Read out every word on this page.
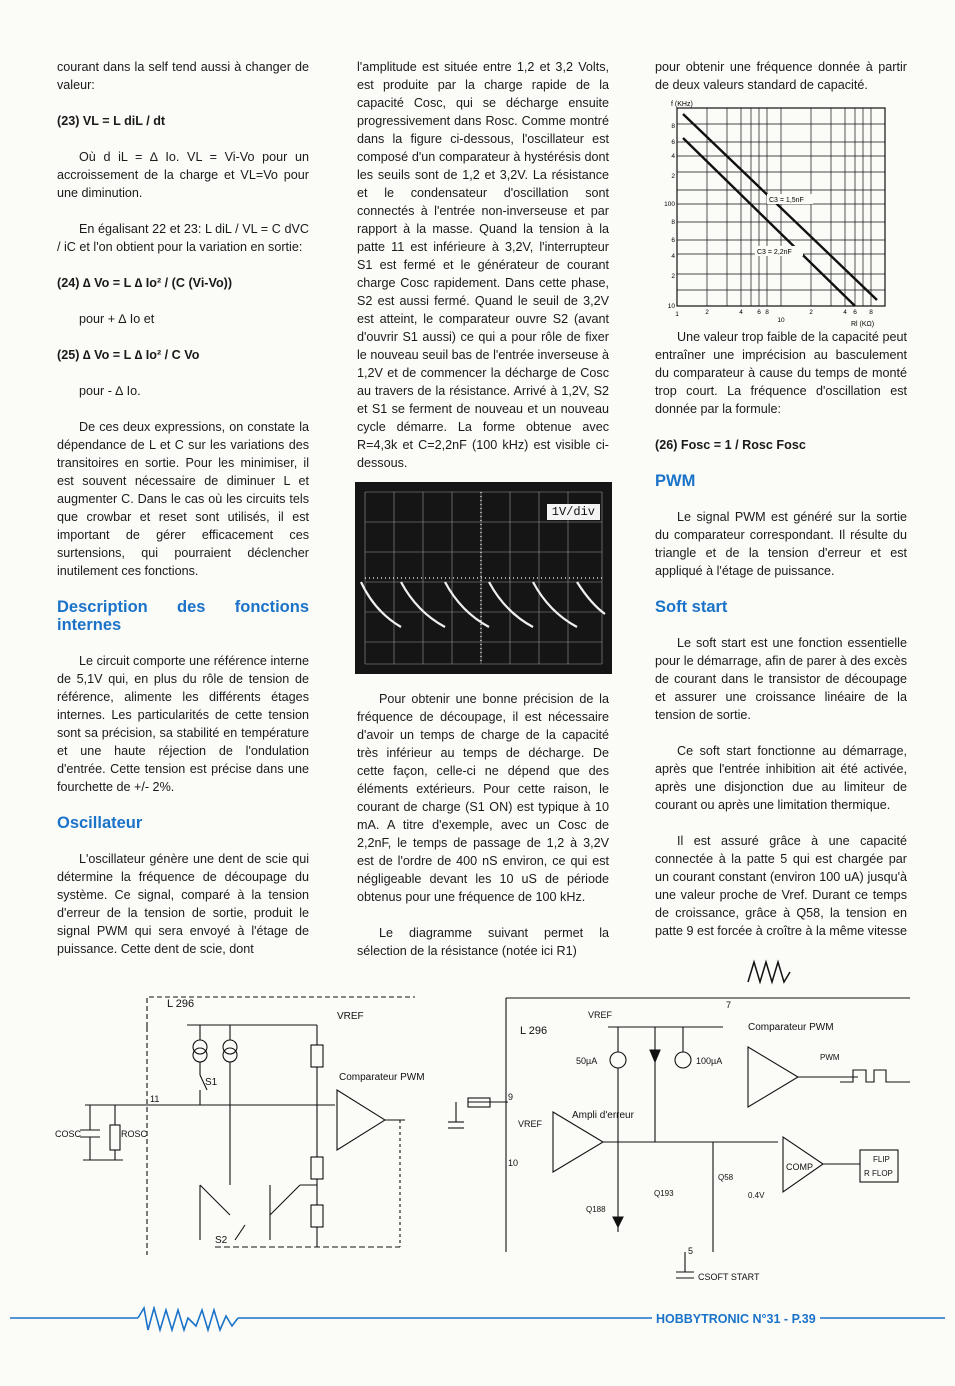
courant dans la self tend aussi à changer de valeur:

(23) VL = L diL / dt

Où d iL = ∆ Io. VL = Vi-Vo pour un accroissement de la charge et VL=Vo pour une diminution.

En égalisant 22 et 23: L diL / VL = C dVC / iC et l'on obtient pour la variation en sortie:

(24) ∆ Vo = L ∆ Io² / (C (Vi-Vo))

pour + ∆ Io et

(25) ∆ Vo = L ∆ Io² / C Vo

pour - ∆ Io.

De ces deux expressions, on constate la dépendance de L et C sur les variations des transitoires en sortie. Pour les minimiser, il est souvent nécessaire de diminuer L et augmenter C. Dans le cas où les circuits tels que crowbar et reset sont utilisés, il est important de gérer efficacement ces surtensions, qui pourraient déclencher inutilement ces fonctions.

Description des fonctions internes

Le circuit comporte une référence interne de 5,1V qui, en plus du rôle de tension de référence, alimente les différents étages internes. Les particularités de cette tension sont sa précision, sa stabilité en température et une haute réjection de l'ondulation d'entrée. Cette tension est précise dans une fourchette de +/- 2%.

Oscillateur

L'oscillateur génère une dent de scie qui détermine la fréquence de découpage du système. Ce signal, comparé à la tension d'erreur de la tension de sortie, produit le signal PWM qui sera envoyé à l'étage de puissance. Cette dent de scie, dont

l'amplitude est située entre 1,2 et 3,2 Volts, est produite par la charge rapide de la capacité Cosc, qui se décharge ensuite progressivement dans Rosc. Comme montré dans la figure ci-dessous, l'oscillateur est composé d'un comparateur à hystérésis dont les seuils sont de 1,2 et 3,2V. La résistance et le condensateur d'oscillation sont connectés à l'entrée non-inverseuse et par rapport à la masse. Quand la tension à la patte 11 est inférieure à 3,2V, l'interrupteur S1 est fermé et le générateur de courant charge Cosc rapidement. Dans cette phase, S2 est aussi fermé. Quand le seuil de 3,2V est atteint, le comparateur ouvre S2 (avant d'ouvrir S1 aussi) ce qui a pour rôle de fixer le nouveau seuil bas de l'entrée inverseuse à 1,2V et de commencer la décharge de Cosc au travers de la résistance. Arrivé à 1,2V, S2 et S1 se ferment de nouveau et un nouveau cycle démarre. La forme obtenue avec R=4,3k et C=2,2nF (100 kHz) est visible ci-dessous.

1V/div

Pour obtenir une bonne précision de la fréquence de découpage, il est nécessaire d'avoir un temps de charge de la capacité très inférieur au temps de décharge. De cette façon, celle-ci ne dépend que des éléments extérieurs. Pour cette raison, le courant de charge (S1 ON) est typique à 10 mA. A titre d'exemple, avec un Cosc de 2,2nF, le temps de passage de 1,2 à 3,2V est de l'ordre de 400 nS environ, ce qui est négligeable devant les 10 uS de période obtenus pour une fréquence de 100 kHz.

Le diagramme suivant permet la sélection de la résistance (notée ici R1)

pour obtenir une fréquence donnée à partir de deux valeurs standard de capacité.

C3 = 1,5nF
C3 = 2,2nF
f (KHz)
Rl (KΩ)
8
6
4
2
100
8
6
4
2
10
1	2	4 6 8
10
2	4 6 8

Une valeur trop faible de la capacité peut entraîner une imprécision au basculement du comparateur à cause du temps de monté trop court. La fréquence d'oscillation est donnée par la formule:

(26) Fosc = 1 / Rosc Fosc
PWM

Le signal PWM est généré sur la sortie du comparateur correspondant. Il résulte du triangle et de la tension d'erreur et est appliqué à l'étage de puissance.

Soft start

Le soft start est une fonction essentielle pour le démarrage, afin de parer à des excès de courant dans le transistor de découpage et assurer une croissance linéaire de la tension de sortie.

Ce soft start fonctionne au démarrage, après que l'entrée inhibition ait été activée, après une disjonction due au limiteur de courant ou après une limitation thermique.

Il est assuré grâce à une capacité connectée à la patte 5 qui est chargée par un courant constant (environ 100 uA) jusqu'à une valeur proche de Vref. Durant ce temps de croissance, grâce à Q58, la tension en patte 9 est forcée à croître à la même vitesse

L 296
VREF
S1
11
COSC	ROSC
Comparateur PWM
S2
L 296
7
VREF
50µA	100µA
9
VREF
Ampli d'erreur
10
Comparateur PWM
PWM
COMP
FLIP
R FLOP
Q58
0.4V
Q193
Q188
5
CSOFT START
HOBBYTRONIC N°31 - P.39
